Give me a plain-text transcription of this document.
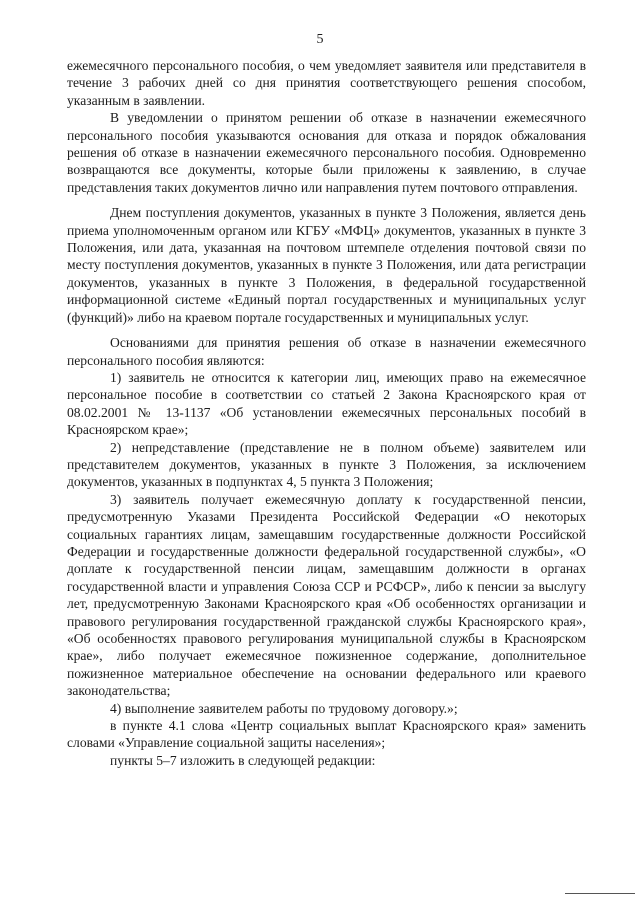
5

ежемесячного персонального пособия, о чем уведомляет заявителя или представителя в течение 3 рабочих дней со дня принятия соответствующего решения способом, указанным в заявлении.

В уведомлении о принятом решении об отказе в назначении ежемесячного персонального пособия указываются основания для отказа и порядок обжалования решения об отказе в назначении ежемесячного персонального пособия. Одновременно возвращаются все документы, которые были приложены к заявлению, в случае представления таких документов лично или направления путем почтового отправления.

Днем поступления документов, указанных в пункте 3 Положения, является день приема уполномоченным органом или КГБУ «МФЦ» документов, указанных в пункте 3 Положения, или дата, указанная на почтовом штемпеле отделения почтовой связи по месту поступления документов, указанных в пункте 3 Положения, или дата регистрации документов, указанных в пункте 3 Положения, в федеральной государственной информационной системе «Единый портал государственных и муниципальных услуг (функций)» либо на краевом портале государственных и муниципальных услуг.

Основаниями для принятия решения об отказе в назначении ежемесячного персонального пособия являются:

1) заявитель не относится к категории лиц, имеющих право на ежемесячное персональное пособие в соответствии со статьей 2 Закона Красноярского края от 08.02.2001 № 13-1137 «Об установлении ежемесячных персональных пособий в Красноярском крае»;

2) непредставление (представление не в полном объеме) заявителем или представителем документов, указанных в пункте 3 Положения, за исключением документов, указанных в подпунктах 4, 5 пункта 3 Положения;

3) заявитель получает ежемесячную доплату к государственной пенсии, предусмотренную Указами Президента Российской Федерации «О некоторых социальных гарантиях лицам, замещавшим государственные должности Российской Федерации и государственные должности федеральной государственной службы», «О доплате к государственной пенсии лицам, замещавшим должности в органах государственной власти и управления Союза ССР и РСФСР», либо к пенсии за выслугу лет, предусмотренную Законами Красноярского края «Об особенностях организации и правового регулирования государственной гражданской службы Красноярского края», «Об особенностях правового регулирования муниципальной службы в Красноярском крае», либо получает ежемесячное пожизненное содержание, дополнительное пожизненное материальное обеспечение на основании федерального или краевого законодательства;

4) выполнение заявителем работы по трудовому договору.»;

в пункте 4.1 слова «Центр социальных выплат Красноярского края» заменить словами «Управление социальной защиты населения»;

пункты 5–7 изложить в следующей редакции:
